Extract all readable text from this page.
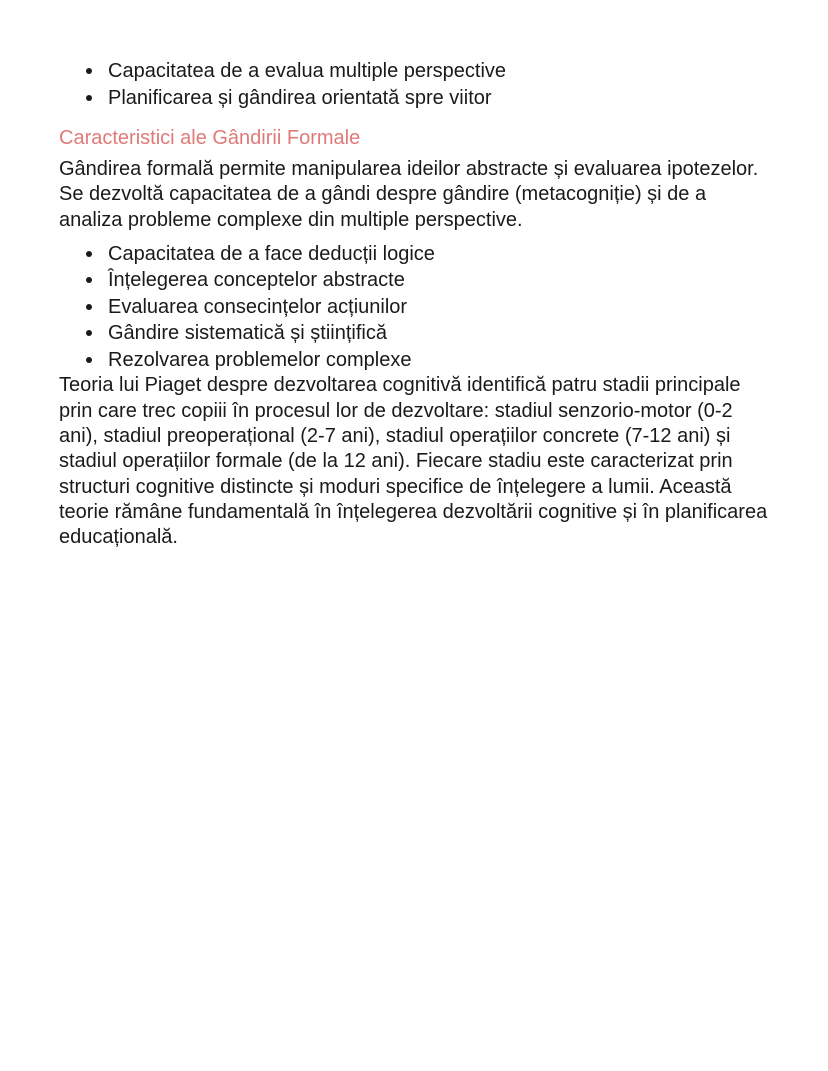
Capacitatea de a evalua multiple perspective
Planificarea și gândirea orientată spre viitor
Caracteristici ale Gândirii Formale

Gândirea formală permite manipularea ideilor abstracte și evaluarea ipotezelor. Se dezvoltă capacitatea de a gândi despre gândire (metacogniție) și de a analiza probleme complexe din multiple perspective.

Capacitatea de a face deducții logice
Înțelegerea conceptelor abstracte
Evaluarea consecințelor acțiunilor
Gândire sistematică și științifică
Rezolvarea problemelor complexe

Teoria lui Piaget despre dezvoltarea cognitivă identifică patru stadii principale prin care trec copiii în procesul lor de dezvoltare: stadiul senzorio-motor (0-2 ani), stadiul preoperațional (2-7 ani), stadiul operațiilor concrete (7-12 ani) și stadiul operațiilor formale (de la 12 ani). Fiecare stadiu este caracterizat prin structuri cognitive distincte și moduri specifice de înțelegere a lumii. Această teorie rămâne fundamentală în înțelegerea dezvoltării cognitive și în planificarea educațională.
